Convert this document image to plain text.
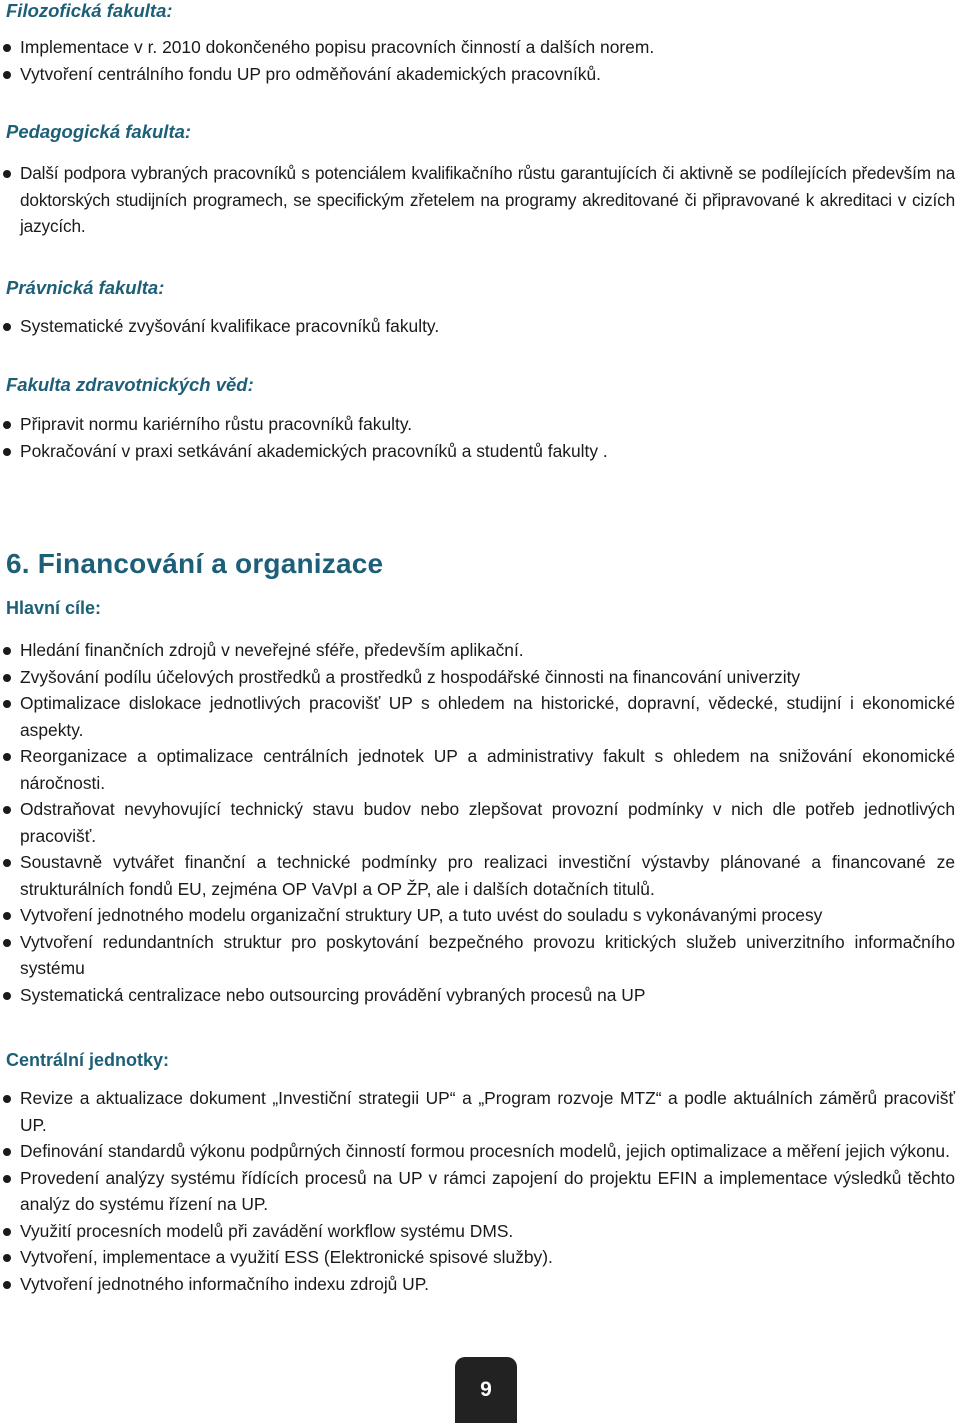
Filozofická fakulta:
Implementace v r. 2010 dokončeného popisu pracovních činností a dalších norem.
Vytvoření centrálního fondu UP pro odměňování akademických pracovníků.
Pedagogická fakulta:
Další podpora vybraných pracovníků s potenciálem kvalifikačního růstu garantujících či aktivně se podílejících především na doktorských studijních programech, se specifickým zřetelem na programy akreditované či připravované k akreditaci v cizích jazycích.
Právnická fakulta:
Systematické zvyšování kvalifikace pracovníků fakulty.
Fakulta zdravotnických věd:
Připravit normu kariérního růstu pracovníků fakulty.
Pokračování v praxi setkávání akademických pracovníků a studentů fakulty .
6. Financování a organizace
Hlavní cíle:
Hledání finančních zdrojů v neveřejné sféře, především aplikační.
Zvyšování podílu účelových prostředků a prostředků z hospodářské činnosti na financování univerzity
Optimalizace dislokace jednotlivých pracovišť UP s ohledem na historické, dopravní, vědecké, studijní i ekonomické aspekty.
Reorganizace a optimalizace centrálních jednotek UP a administrativy fakult s ohledem na snižování ekonomické náročnosti.
Odstraňovat nevyhovující technický stavu budov nebo zlepšovat provozní podmínky v nich dle potřeb jednotlivých pracovišť.
Soustavně vytvářet finanční a technické podmínky pro realizaci investiční výstavby plánované a financované ze strukturálních fondů EU, zejména OP VaVpI a OP ŽP, ale i dalších dotačních titulů.
Vytvoření jednotného modelu organizační struktury UP, a tuto uvést do souladu s vykonávanými procesy
Vytvoření redundantních struktur pro poskytování bezpečného provozu kritických služeb univerzitního informačního systému
Systematická centralizace nebo outsourcing provádění vybraných procesů na UP
Centrální jednotky:
Revize a aktualizace dokument „Investiční strategii UP“ a „Program rozvoje MTZ“ a podle aktuálních záměrů pracovišť UP.
Definování standardů výkonu podpůrných činností formou procesních modelů, jejich optimalizace a měření jejich výkonu.
Provedení analýzy systému řídících procesů na UP v rámci zapojení do projektu EFIN a implementace výsledků těchto analýz do systému řízení na UP.
Využití procesních modelů při zavádění workflow systému DMS.
Vytvoření, implementace a využití ESS (Elektronické spisové služby).
Vytvoření jednotného informačního indexu zdrojů UP.
9
